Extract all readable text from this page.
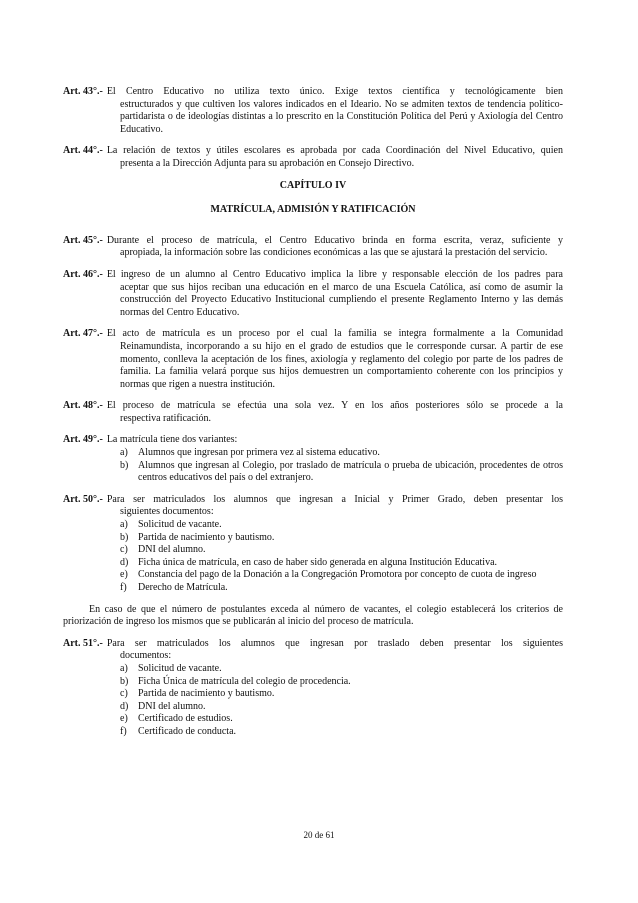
Art. 43°.- El Centro Educativo no utiliza texto único. Exige textos científica y tecnológicamente bien

estructurados y que cultiven los valores indicados en el Ideario. No se admiten textos de tendencia político-partidarista o de ideologías distintas a lo prescrito en la Constitución Política del Perú y Axiología del Centro Educativo.

Art. 44°.- La relación de textos y útiles escolares es aprobada por cada Coordinación del Nivel Educativo, quien

presenta a la Dirección Adjunta para su aprobación en Consejo Directivo.

CAPÍTULO IV
MATRÍCULA, ADMISIÓN Y RATIFICACIÓN
Art. 45°.- Durante el proceso de matrícula, el Centro Educativo brinda en forma escrita, veraz, suficiente y

apropiada, la información sobre las condiciones económicas a las que se ajustará la prestación del servicio.

Art. 46°.- El ingreso de un alumno al Centro Educativo implica la libre y responsable elección de los padres para

aceptar que sus hijos reciban una educación en el marco de una Escuela Católica, así como de asumir la construcción del Proyecto Educativo Institucional cumpliendo el presente Reglamento Interno y las demás normas del Centro Educativo.

Art. 47°.- El acto de matrícula es un proceso por el cual la familia se integra formalmente a la Comunidad

Reinamundista, incorporando a su hijo en el grado de estudios que le corresponde cursar. A partir de ese momento, conlleva la aceptación de los fines, axiología y reglamento del colegio por parte de los padres de familia. La familia velará porque sus hijos demuestren un comportamiento coherente con los principios y normas que rigen a nuestra institución.

Art. 48°.- El proceso de matrícula se efectúa una sola vez. Y en los años posteriores sólo se procede a la

respectiva ratificación.

Art. 49°.- La matrícula tiene dos variantes:
a)	Alumnos que ingresan por primera vez al sistema educativo.
b) Alumnos que ingresan al Colegio, por traslado de matrícula o prueba de ubicación, procedentes de otros centros educativos del país o del extranjero.
Art. 50°.- Para ser matriculados los alumnos que ingresan a Inicial y Primer Grado, deben presentar los

siguientes documentos:

a)	Solicitud de vacante.
b) Partida de nacimiento y bautismo.
c)	DNI del alumno.
d) Ficha única de matrícula, en caso de haber sido generada en alguna Institución Educativa.
e)	Constancia del pago de la Donación a la Congregación Promotora por concepto de cuota de ingreso
f)	Derecho de Matrícula.
En caso de que el número de postulantes exceda al número de vacantes, el colegio establecerá los criterios de priorización de ingreso los mismos que se publicarán al inicio del proceso de matrícula.
Art. 51°.- Para ser matriculados los alumnos que ingresan por traslado deben presentar los siguientes

documentos:

a)	Solicitud de vacante.
b) Ficha Única de matrícula del colegio de procedencia.
c)	Partida de nacimiento y bautismo.
d) DNI del alumno.
e)	Certificado de estudios.
f)	Certificado de conducta.
20 de 61
